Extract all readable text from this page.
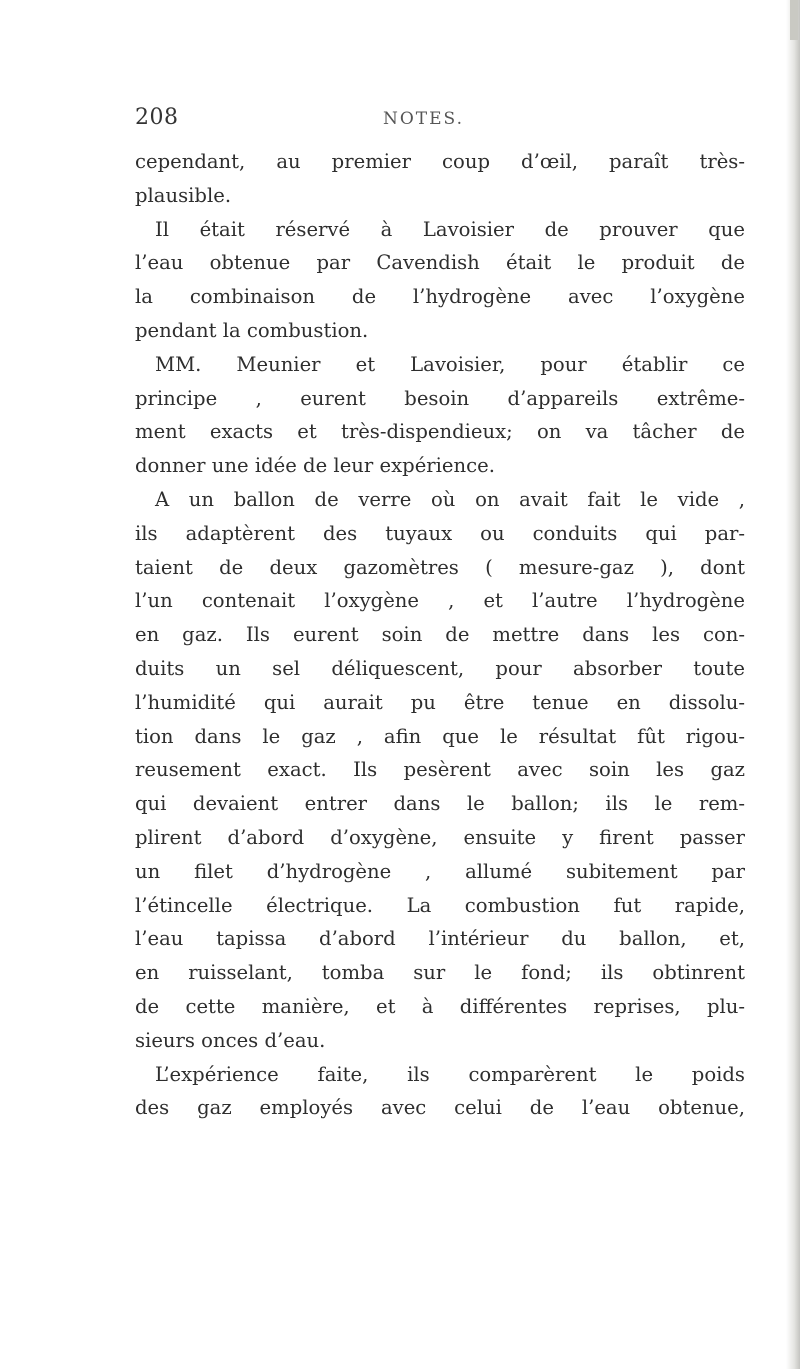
208	NOTES.
cependant, au premier coup d’œil, paraît très-
plausible.
Il était réservé à Lavoisier de prouver que
l’eau obtenue par Cavendish était le produit de
la combinaison de l’hydrogène avec l’oxygène
pendant la combustion.
MM. Meunier et Lavoisier, pour établir ce
principe , eurent besoin d’appareils extrême-
ment exacts et très-dispendieux; on va tâcher de
donner une idée de leur expérience.
A un ballon de verre où on avait fait le vide ,
ils adaptèrent des tuyaux ou conduits qui par-
taient de deux gazomètres ( mesure-gaz ), dont
l’un contenait l’oxygène , et l’autre l’hydrogène
en gaz. Ils eurent soin de mettre dans les con-
duits un sel déliquescent, pour absorber toute
l’humidité qui aurait pu être tenue en dissolu-
tion dans le gaz , afin que le résultat fût rigou-
reusement exact. Ils pesèrent avec soin les gaz
qui devaient entrer dans le ballon; ils le rem-
plirent d’abord d’oxygène, ensuite y firent passer
un filet d’hydrogène , allumé subitement par
l’étincelle électrique. La combustion fut rapide,
l’eau tapissa d’abord l’intérieur du ballon, et,
en ruisselant, tomba sur le fond; ils obtinrent
de cette manière, et à différentes reprises, plu-
sieurs onces d’eau.
L’expérience faite, ils comparèrent le poids
des gaz employés avec celui de l’eau obtenue,
